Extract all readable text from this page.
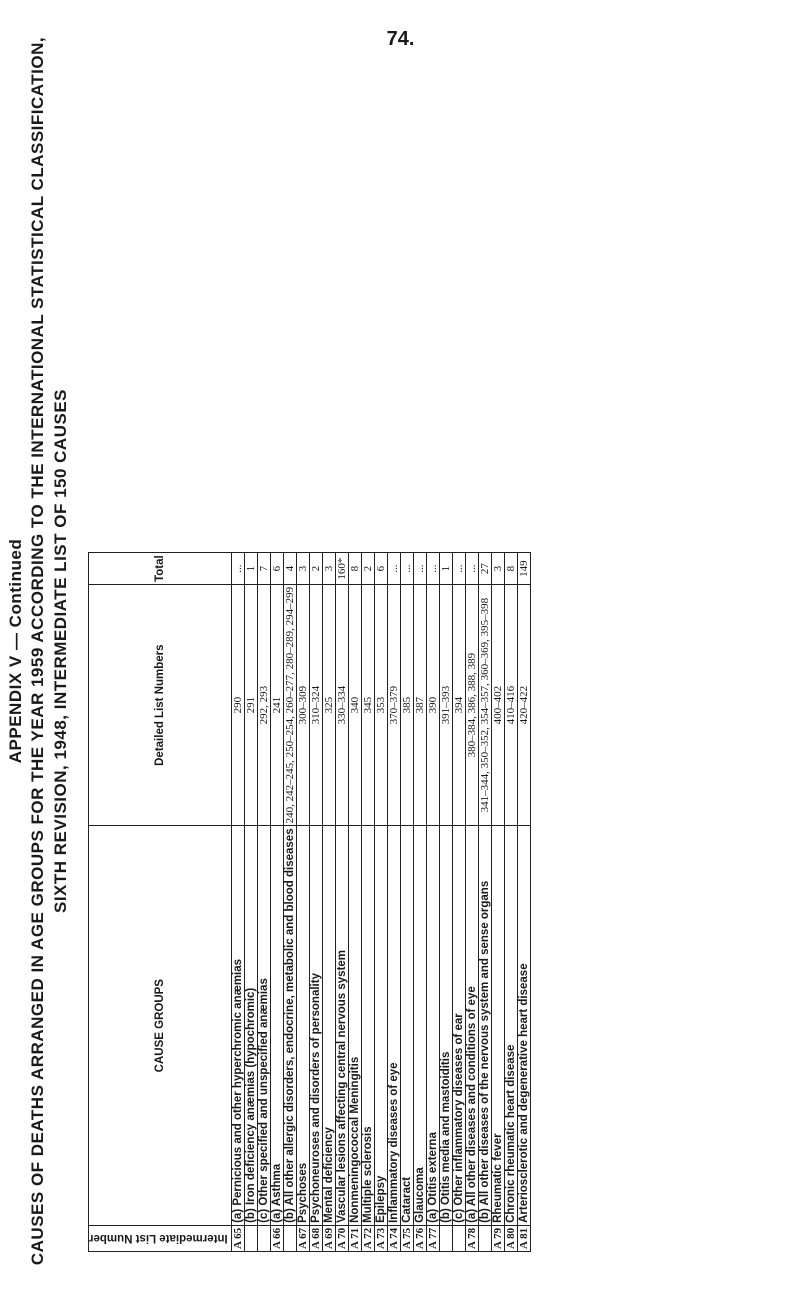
74.
APPENDIX V — Continued CAUSES OF DEATHS ARRANGED IN AGE GROUPS FOR THE YEAR 1959 ACCORDING TO THE INTERNATIONAL STATISTICAL CLASSIFICATION, SIXTH REVISION, 1948, INTERMEDIATE LIST OF 150 CAUSES
Intermediate List Number	CAUSE GROUPS	Detailed List Numbers	Total
A 65	(a) Pernicious and other hyperchromic anæmias	290	...
	(b) Iron deficiency anæmias (hypochromic)	291	1
	(c) Other specified and unspecified anæmias	292, 293	7
A 66	(a) Asthma	241	6
	(b) All other allergic disorders, endocrine, metabolic and blood diseases	240, 242–245, 250–254, 260–277, 280–289, 294–299	4
A 67	Psychoses	300–309	3
A 68	Psychoneuroses and disorders of personality	310–324	2
A 69	Mental deficiency	325	3
A 70	Vascular lesions affecting central nervous system	330–334	160*
A 71	Nonmeningococcal Meningitis	340	8
A 72	Multiple sclerosis	345	2
A 73	Epilepsy	353	6
A 74	Inflammatory diseases of eye	370–379	...
A 75	Cataract	385	...
A 76	Glaucoma	387	...
A 77	(a) Otitis externa	390	...
	(b) Otitis media and mastoiditis	391–393	1
	(c) Other inflammatory diseases of ear	394	...
A 78	(a) All other diseases and conditions of eye	380–384, 386, 388, 389	...
	(b) All other diseases of the nervous system and sense organs	341–344, 350–352, 354–357, 360–369, 395–398	27
A 79	Rheumatic fever	400–402	3
A 80	Chronic rheumatic heart disease	410–416	8
A 81	Arteriosclerotic and degenerative heart disease	420–422	149
